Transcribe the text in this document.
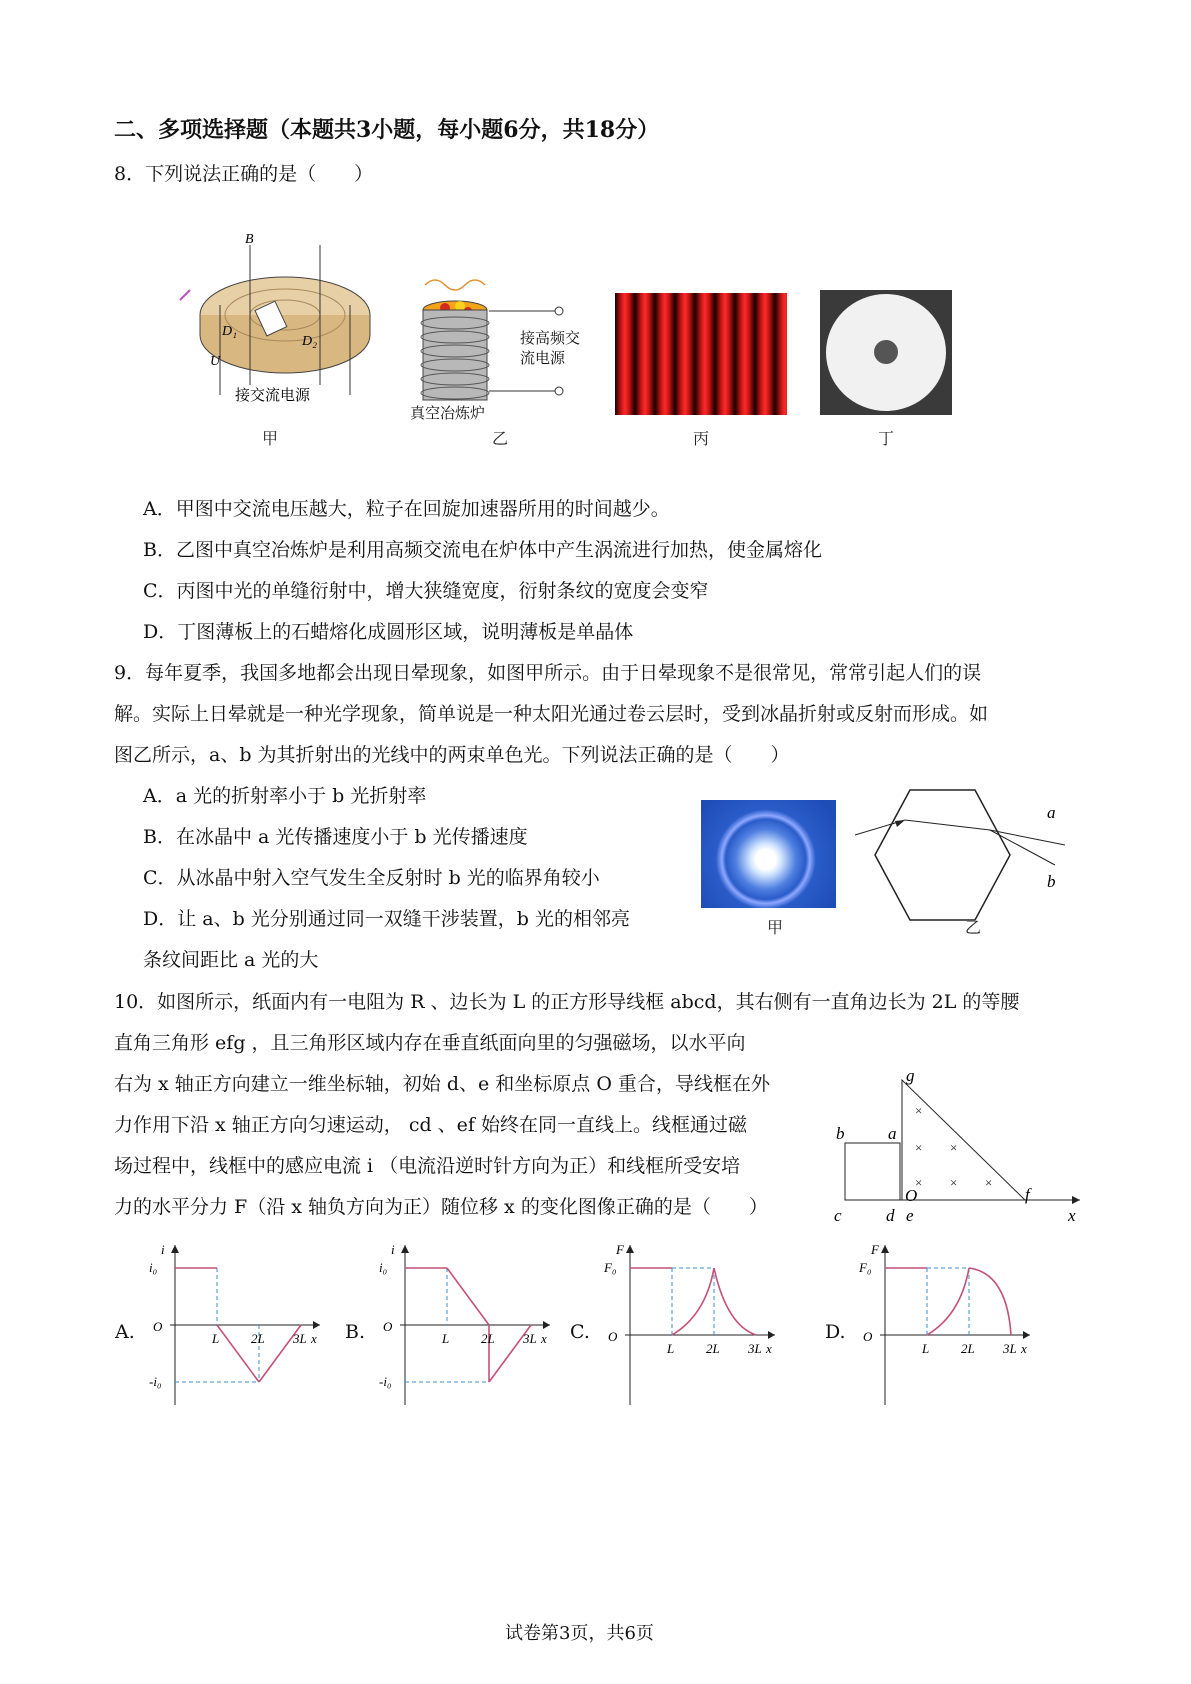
二、多项选择题（本题共3小题，每小题6分，共18分）
8．下列说法正确的是（　　）
B
D₁
D₂
U
接交流电源
甲
接高频交
流电源
真空冶炼炉
乙	丙	丁
A．甲图中交流电压越大，粒子在回旋加速器所用的时间越少。
B．乙图中真空冶炼炉是利用高频交流电在炉体中产生涡流进行加热，使金属熔化
C．丙图中光的单缝衍射中，增大狭缝宽度，衍射条纹的宽度会变窄
D．丁图薄板上的石蜡熔化成圆形区域，说明薄板是单晶体
9．每年夏季，我国多地都会出现日晕现象，如图甲所示。由于日晕现象不是很常见，常常引起人们的误
解。实际上日晕就是一种光学现象，简单说是一种太阳光通过卷云层时，受到冰晶折射或反射而形成。如
图乙所示，a、b 为其折射出的光线中的两束单色光。下列说法正确的是（　　）
A．a 光的折射率小于 b 光折射率
B．在冰晶中 a 光传播速度小于 b 光传播速度
C．从冰晶中射入空气发生全反射时 b 光的临界角较小
D．让 a、b 光分别通过同一双缝干涉装置，b 光的相邻亮
条纹间距比 a 光的大
甲
a
b
乙
10．如图所示，纸面内有一电阻为 R 、边长为 L 的正方形导线框 abcd，其右侧有一直角边长为 2L 的等腰
直角三角形 efg ，且三角形区域内存在垂直纸面向里的匀强磁场，以水平向
右为 x 轴正方向建立一维坐标轴，初始 d、e 和坐标原点 O 重合，导线框在外
力作用下沿 x 轴正方向匀速运动， cd 、ef 始终在同一直线上。线框通过磁
场过程中，线框中的感应电流 i （电流沿逆时针方向为正）和线框所受安培
力的水平分力 F（沿 x 轴负方向为正）随位移 x 的变化图像正确的是（　　）
×
× ×
× × ×
g
a
b
c	d e
O	f
x
A.
-i₀
i
i₀
O
L 2L 3L x B.
-i₀
i
i₀
O
L 2L 3L x C.
F
F₀
O
L 2L 3L x
D.
F
F₀
O
L 2L 3L x
试卷第3页，共6页
